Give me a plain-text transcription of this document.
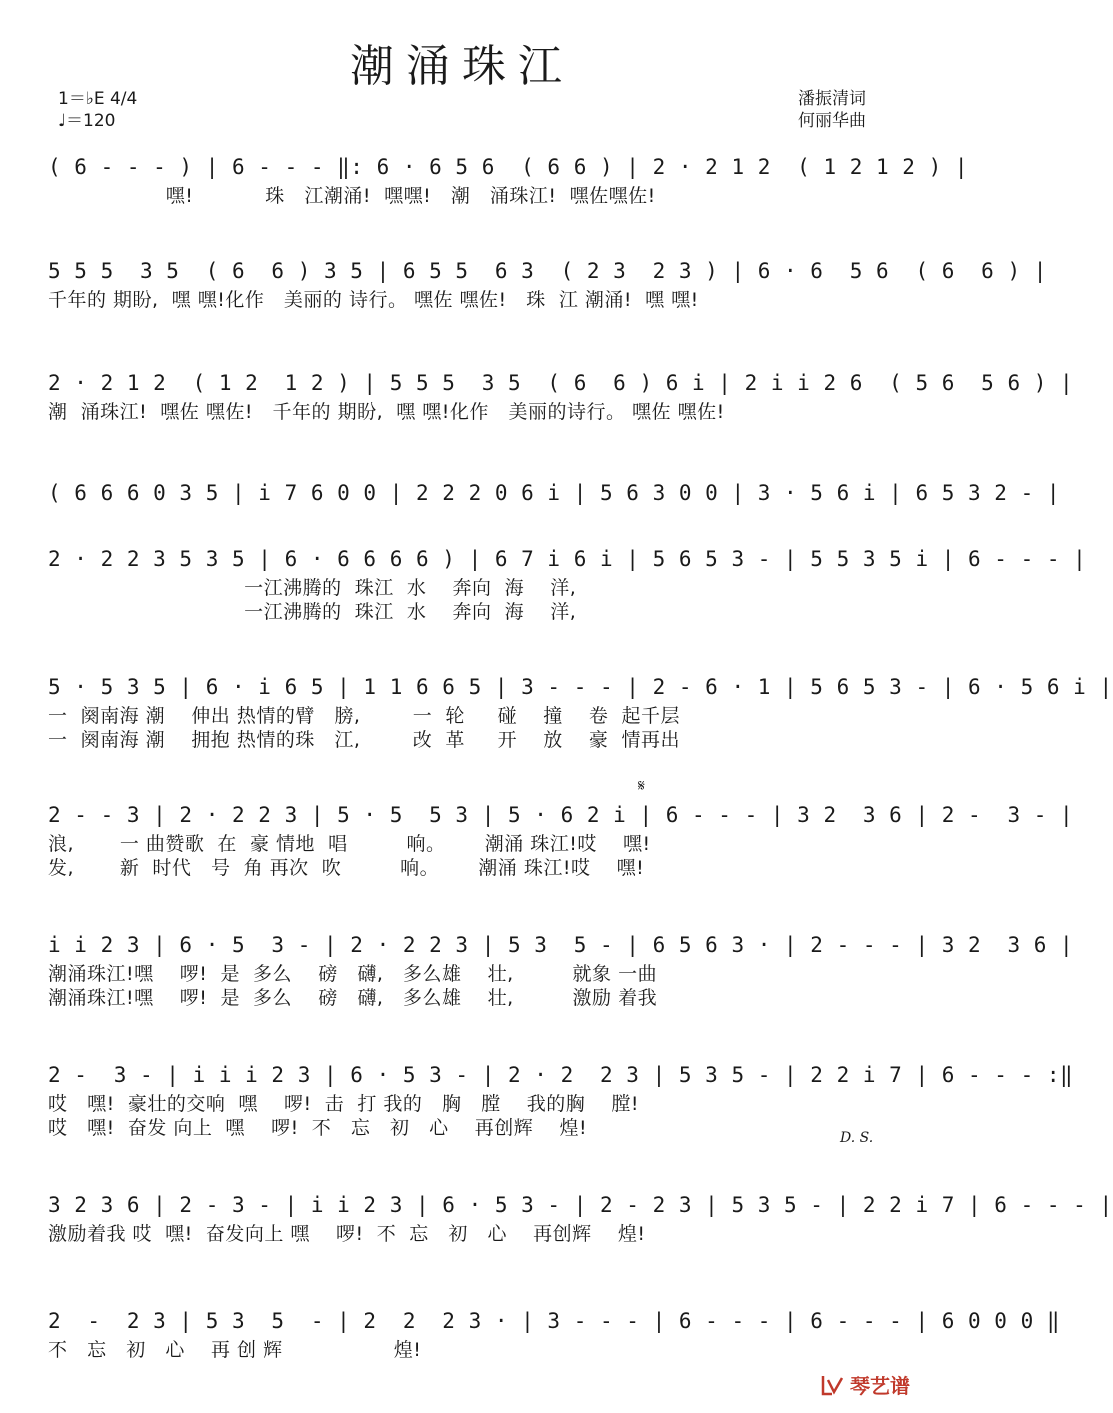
潮涌珠江
1＝♭E 4/4
♩＝120
潘振清词
何丽华曲
( 6 - - - ) | 6 - - - ‖: 6 · 6 5 6  ( 6 6 ) | 2 · 2 1 2  ( 1 2 1 2 ) |
嘿!           珠   江潮涌!  嘿嘿!   潮   涌珠江!  嘿佐嘿佐!
5 5 5  3 5  ( 6  6 ) 3 5 | 6 5 5  6 3  ( 2 3  2 3 ) | 6 · 6  5 6  ( 6  6 ) |
千年的 期盼,  嘿 嘿!化作   美丽的 诗行。 嘿佐 嘿佐!   珠  江 潮涌!  嘿 嘿!
2 · 2 1 2  ( 1 2  1 2 ) | 5 5 5  3 5  ( 6  6 ) 6 i | 2 i i 2 6  ( 5 6  5 6 ) |
潮  涌珠江!  嘿佐 嘿佐!   千年的 期盼,  嘿 嘿!化作   美丽的诗行。 嘿佐 嘿佐!
( 6 6 6 0 3 5 | i 7 6 0 0 | 2 2 2 0 6 i | 5 6 3 0 0 | 3 · 5 6 i | 6 5 3 2 - |
2 · 2 2 3 5 3 5 | 6 · 6 6 6 6 ) | 6 7 i 6 i | 5 6 5 3 - | 5 5 3 5 i | 6 - - - |
一江沸腾的  珠江  水    奔向  海    洋,
一江沸腾的  珠江  水    奔向  海    洋,
5 · 5 3 5 | 6 · i 6 5 | 1 1 6 6 5 | 3 - - - | 2 - 6 · 1 | 5 6 5 3 - | 6 · 5 6 i |
一  阕南海 潮    伸出 热情的臂   膀,        一  轮     碰    撞    卷  起千层
一  阕南海 潮    拥抱 热情的珠   江,        改  革     开    放    豪  情再出
𝄋
2 - - 3 | 2 · 2 2 3 | 5 · 5  5 3 | 5 · 6 2 i | 6 - - - | 3 2  3 6 | 2 -  3 - |
浪,       一 曲赞歌  在  豪 情地  唱         响。      潮涌 珠江!哎    嘿!
发,       新  时代   号  角 再次  吹         响。      潮涌 珠江!哎    嘿!
i i 2 3 | 6 · 5  3 - | 2 · 2 2 3 | 5 3  5 - | 6 5 6 3 · | 2 - - - | 3 2  3 6 |
潮涌珠江!嘿    啰!  是  多么    磅   礴,   多么雄    壮,         就象 一曲
潮涌珠江!嘿    啰!  是  多么    磅   礴,   多么雄    壮,         激励 着我
2 -  3 - | i i i 2 3 | 6 · 5 3 - | 2 · 2  2 3 | 5 3 5 - | 2 2 i 7 | 6 - - - :‖
哎   嘿!  豪壮的交响  嘿    啰!  击  打 我的   胸   膛    我的胸    膛!
哎   嘿!  奋发 向上  嘿    啰!  不   忘   初   心    再创辉    煌!	D. S.
3 2 3 6 | 2 - 3 - | i i 2 3 | 6 · 5 3 - | 2 - 2 3 | 5 3 5 - | 2 2 i 7 | 6 - - - |
激励着我 哎  嘿!  奋发向上 嘿    啰!  不  忘   初   心    再创辉    煌!
2  -  2 3 | 5 3  5  - | 2  2  2 3 · | 3 - - - | 6 - - - | 6 - - - | 6 0 0 0 ‖
不   忘   初   心    再 创 辉                 煌!
琴艺谱
